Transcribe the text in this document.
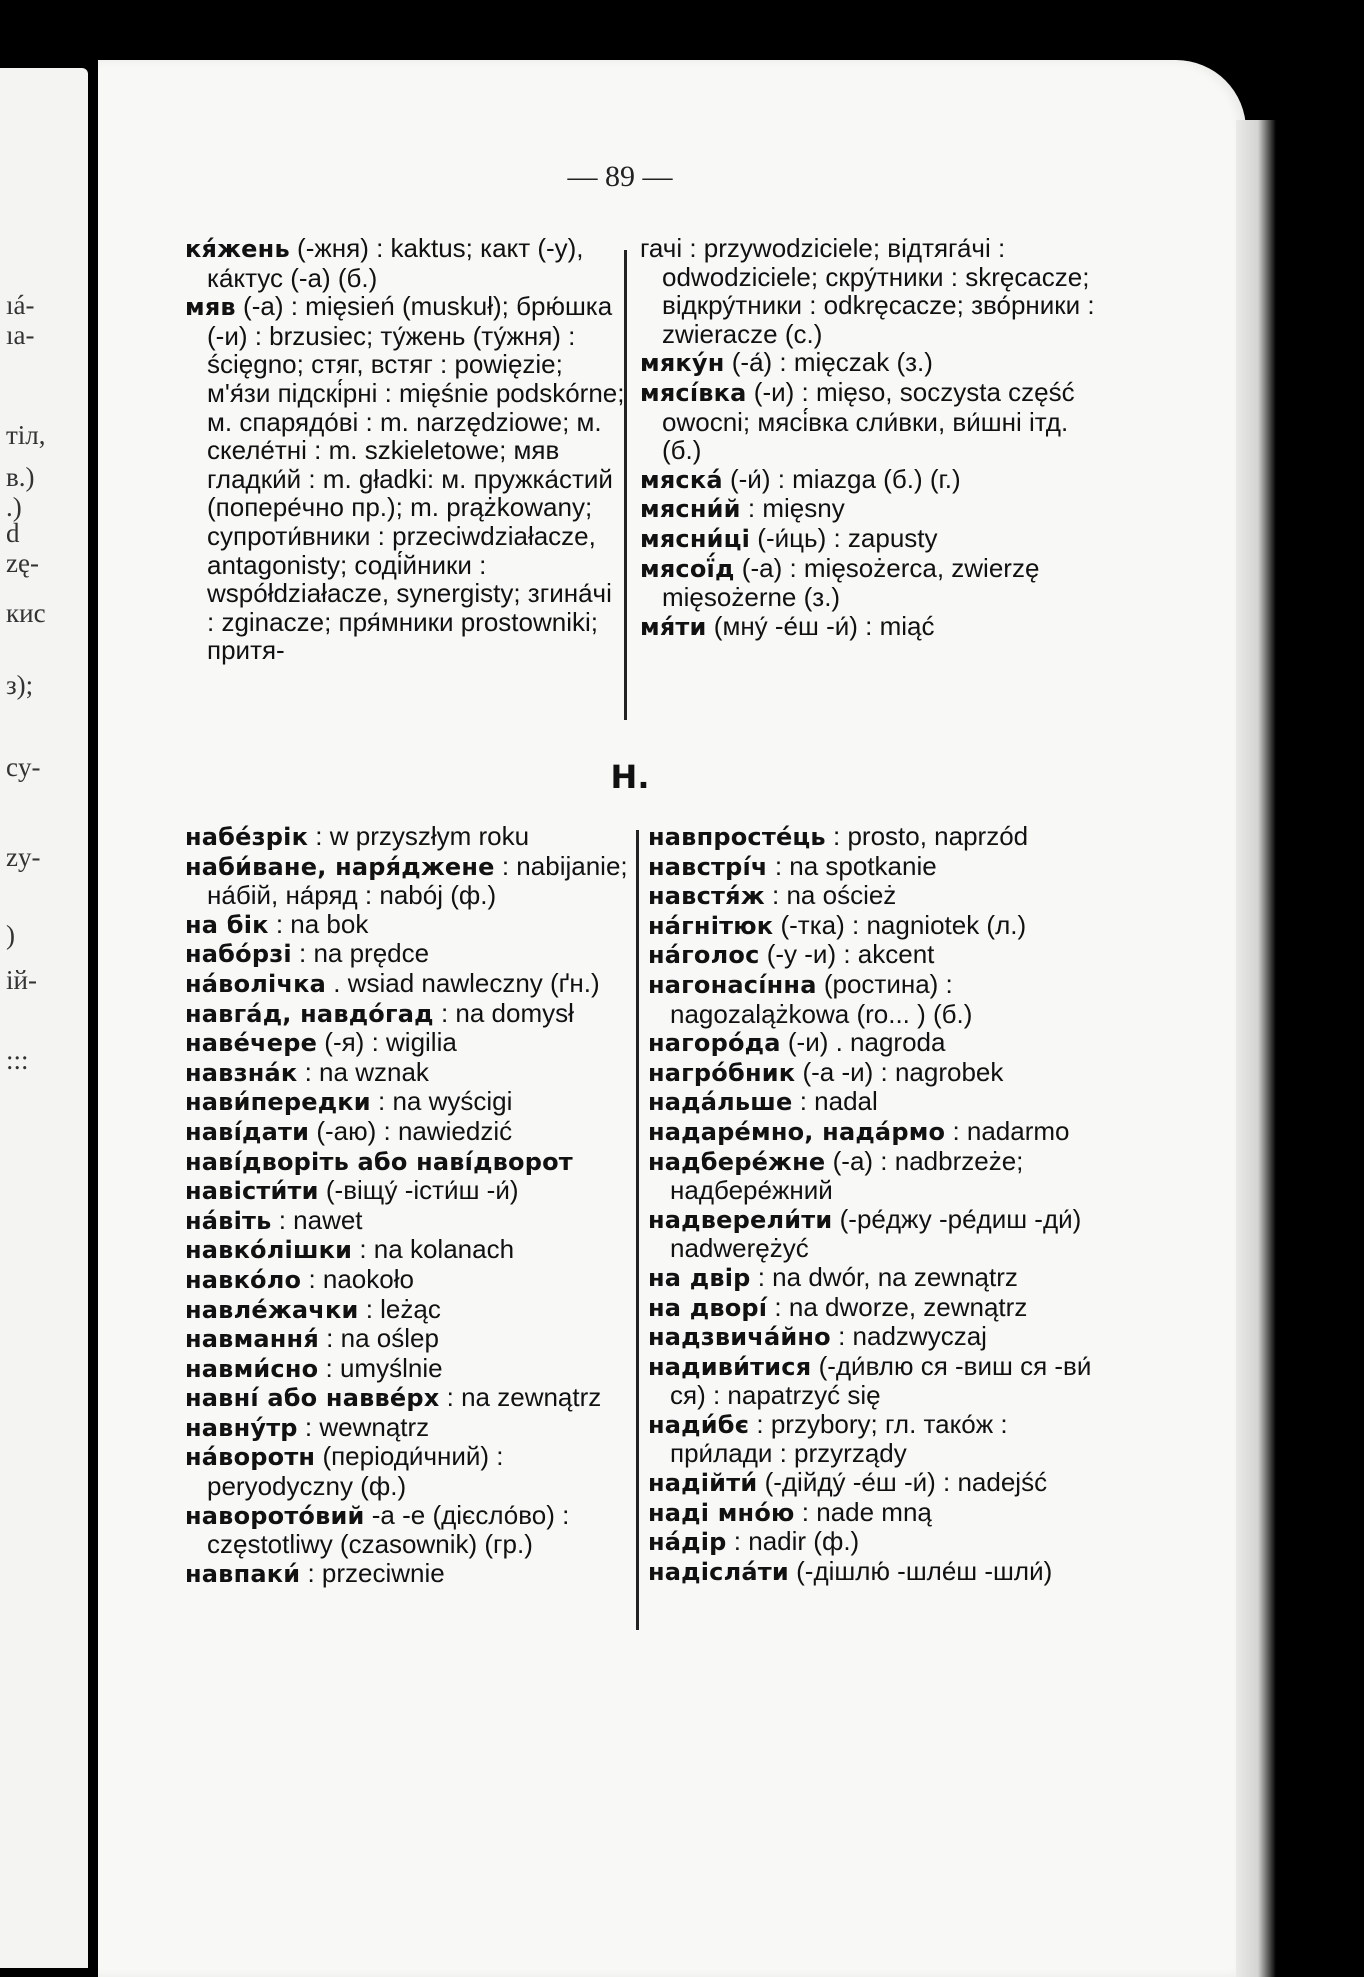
ıá-
ıa-
тіл,
в.)
.)
d
zę-
кис
з);
cy-
zy-
)
ій-
:::
— 89 —

кя́жень (-жня) : kaktus; какт (-у), ка́ктус (-а) (б.)

мяв (-а) : mięsień (muskuł); брю́шка (-и) : brzusiec; ту́жень (ту́жня) : ścięgno; стяг, встяг : powięzie; м'я́зи підскі́рні : mięśnie podskórne; м. спарядо́ві : m. narzędziowe; м. скеле́тні : m. szkieletowe; мяв гладки́й : m. gładki: м. пружка́стий (попере́чно пр.); m. prążkowany; супроти́вники : przeciwdziałacze, antagonisty; соді́йники : współdziałacze, synergisty; згина́чі : zginacze; пря́мники prostowniki; притя-

гачі : przywodziciele; відтяга́чі : odwodziciele; скру́тники : skręcacze; відкру́тники : odkręcacze; зво́рники : zwieracze (с.)

мяку́н (-а́) : mięczak (з.)

мясі́вка (-и) : mięso, soczysta część owocni; мясі́вка сли́вки, ви́шні ітд. (б.)

мяска́ (-и́) : miazga (б.) (г.)

мясни́й : mięsny

мясни́ці (-и́ць) : zapusty

мясої́д (-а) : mięsożerca, zwierzę mięsożerne (з.)

мя́ти (мну́ -е́ш -и́) : miąć

Н.

набе́зрік : w przyszłym roku

наби́ване, наря́джене : nabijanie; на́бій, на́ряд : nabój (ф.)

на бік : na bok

набо́рзі : na prędce

на́волічка . wsiad nawleczny (ґн.)

навга́д, навдо́гад : na domysł

наве́чере (-я) : wigilia

навзна́к : na wznak

нави́передки : na wyścigi

наві́дати (-аю) : nawiedzić

наві́дворіть або наві́дворот

навісти́ти (-віщу́ -істи́ш -и́)

на́віть : nawet

навко́лішки : na kolanach

навко́ло : naokoło

навле́жачки : leżąc

навмання́ : na oślep

навми́сно : umyślnie

навні́ або навве́рх : na zewnątrz

навну́тр : wewnątrz

на́воротн (періоди́чний) : peryodyczny (ф.)

наворото́вий -а -е (дієсло́во) : częstotliwy (czasownik) (гр.)

навпаки́ : przeciwnie

навпросте́ць : prosto, naprzód

навстрі́ч : na spotkanie

навстя́ж : na oścież

на́гнітюк (-тка) : nagniotek (л.)

на́голос (-у -и) : akcent

нагонасі́нна (ростина) : nagozalążkowa (ro... ) (б.)

нагоро́да (-и) . nagroda

нагро́бник (-а -и) : nagrobek

нада́льше : nadal

надаре́мно, нада́рмо : nadarmo

надбере́жне (-а) : nadbrzeże; надбере́жний

надверели́ти (-ре́джу -ре́диш -ди́) nadwerężyć

на двір : na dwór, na zewnątrz

на дворі́ : na dworze, zewnątrz

надзвича́йно : nadzwyczaj

надиви́тися (-ди́влю ся -виш ся -ви́ ся) : napatrzyć się

нади́бє : przybory; гл. тако́ж : при́лади : przyrządy

надійти́ (-дійду́ -е́ш -и́) : nadejść

наді мно́ю : nade mną

на́дір : nadir (ф.)

надісла́ти (-дішлю́ -шле́ш -шли́)
